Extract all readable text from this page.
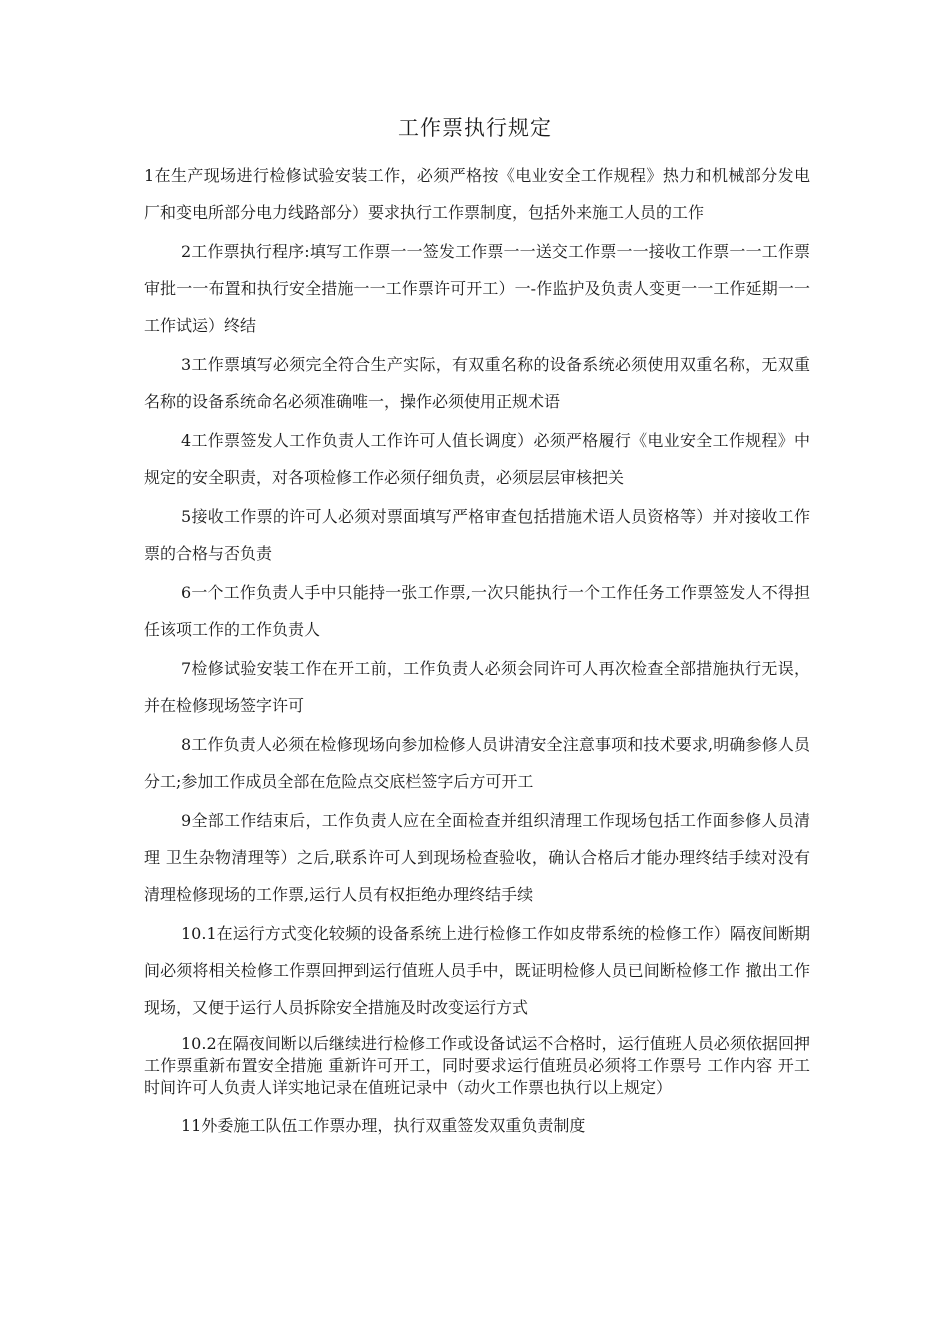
工作票执行规定

1在生产现场进行检修试验安装工作，必须严格按《电业安全工作规程》热力和机械部分发电厂和变电所部分电力线路部分）要求执行工作票制度，包括外来施工人员的工作

2工作票执行程序:填写工作票一一签发工作票一一送交工作票一一接收工作票一一工作票审批一一布置和执行安全措施一一工作票许可开工）一-作监护及负责人变更一一工作延期一一工作试运）终结

3工作票填写必须完全符合生产实际，有双重名称的设备系统必须使用双重名称，无双重名称的设备系统命名必须准确唯一，操作必须使用正规术语

4工作票签发人工作负责人工作许可人值长调度）必须严格履行《电业安全工作规程》中规定的安全职责，对各项检修工作必须仔细负责，必须层层审核把关

5接收工作票的许可人必须对票面填写严格审查包括措施术语人员资格等）并对接收工作票的合格与否负责

6一个工作负责人手中只能持一张工作票,一次只能执行一个工作任务工作票签发人不得担任该项工作的工作负责人

7检修试验安装工作在开工前，工作负责人必须会同许可人再次检查全部措施执行无误，并在检修现场签字许可

8工作负责人必须在检修现场向参加检修人员讲清安全注意事项和技术要求,明确参修人员分工;参加工作成员全部在危险点交底栏签字后方可开工

9全部工作结束后，工作负责人应在全面检查并组织清理工作现场包括工作面参修人员清理 卫生杂物清理等）之后,联系许可人到现场检查验收，确认合格后才能办理终结手续对没有清理检修现场的工作票,运行人员有权拒绝办理终结手续

10.1在运行方式变化较频的设备系统上进行检修工作如皮带系统的检修工作）隔夜间断期间必须将相关检修工作票回押到运行值班人员手中，既证明检修人员已间断检修工作 撤出工作现场，又便于运行人员拆除安全措施及时改变运行方式

10.2在隔夜间断以后继续进行检修工作或设备试运不合格时，运行值班人员必须依据回押工作票重新布置安全措施 重新许可开工，同时要求运行值班员必须将工作票号 工作内容 开工时间许可人负责人详实地记录在值班记录中（动火工作票也执行以上规定）

11外委施工队伍工作票办理，执行双重签发双重负责制度
